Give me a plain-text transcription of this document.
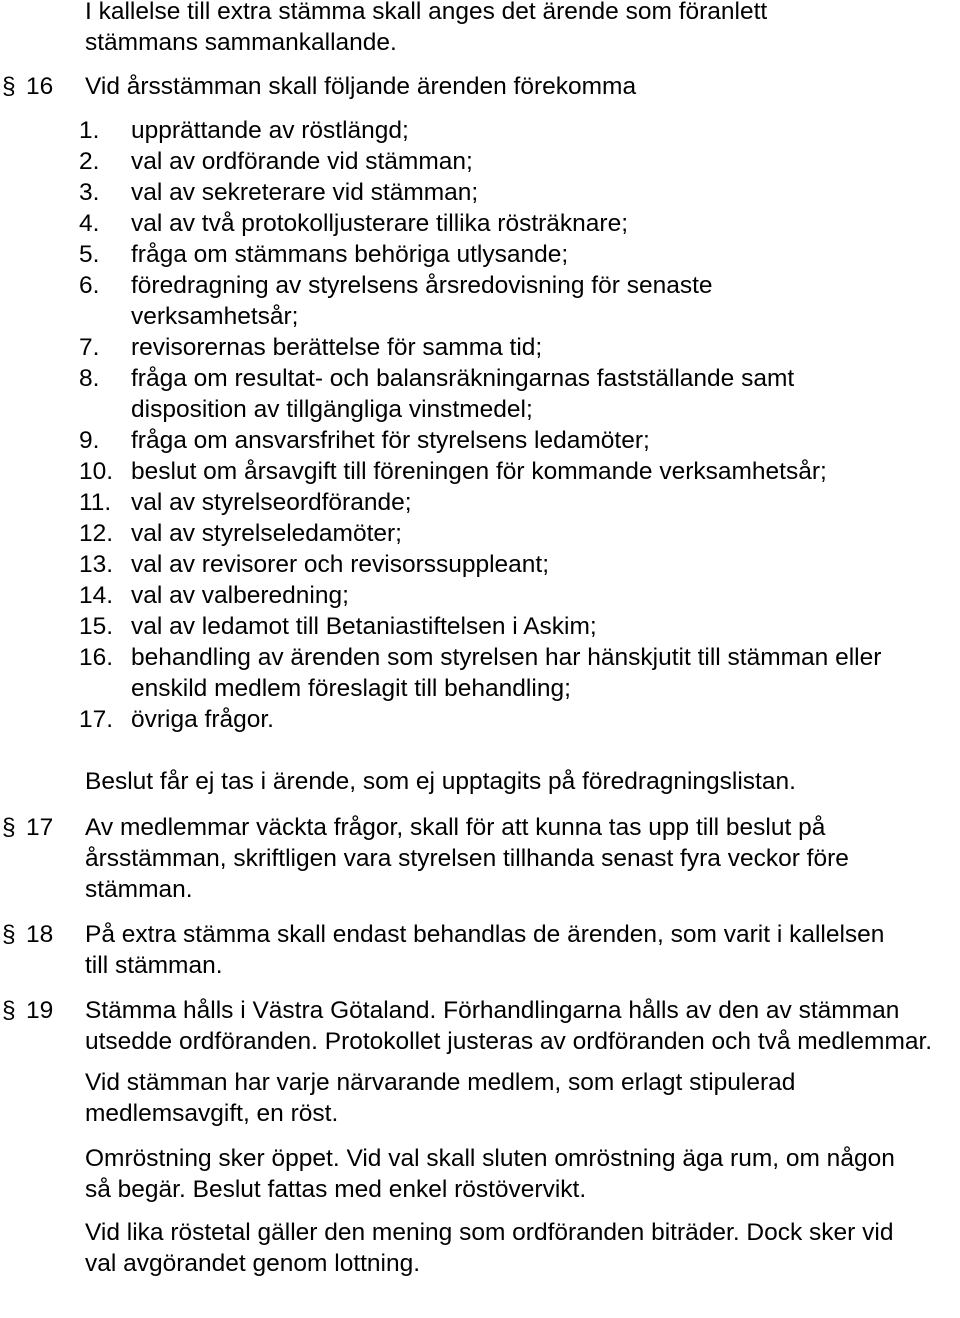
I kallelse till extra stämma skall anges det ärende som föranlett stämmans sammankallande.
§ 16 Vid årsstämman skall följande ärenden förekomma
1. upprättande av röstlängd;
2. val av ordförande vid stämman;
3. val av sekreterare vid stämman;
4. val av två protokolljusterare tillika rösträknare;
5. fråga om stämmans behöriga utlysande;
6. föredragning av styrelsens årsredovisning för senaste verksamhetsår;
7. revisorernas berättelse för samma tid;
8. fråga om resultat- och balansräkningarnas fastställande samt disposition av tillgängliga vinstmedel;
9. fråga om ansvarsfrihet för styrelsens ledamöter;
10. beslut om årsavgift till föreningen för kommande verksamhetsår;
11. val av styrelseordförande;
12. val av styrelseledamöter;
13. val av revisorer och revisorssuppleant;
14. val av valberedning;
15. val av ledamot till Betaniastiftelsen i Askim;
16. behandling av ärenden som styrelsen har hänskjutit till stämman eller enskild medlem föreslagit till behandling;
17. övriga frågor.
Beslut får ej tas i ärende, som ej upptagits på föredragningslistan.
§ 17 Av medlemmar väckta frågor, skall för att kunna tas upp till beslut på årsstämman, skriftligen vara styrelsen tillhanda senast fyra veckor före stämman.
§ 18 På extra stämma skall endast behandlas de ärenden, som varit i kallelsen till stämman.
§ 19 Stämma hålls i Västra Götaland. Förhandlingarna hålls av den av stämman utsedde ordföranden. Protokollet justeras av ordföranden och två medlemmar.

Vid stämman har varje närvarande medlem, som erlagt stipulerad medlemsavgift, en röst.

Omröstning sker öppet. Vid val skall sluten omröstning äga rum, om någon så begär. Beslut fattas med enkel röstövervikt.

Vid lika röstetal gäller den mening som ordföranden biträder. Dock sker vid val avgörandet genom lottning.
